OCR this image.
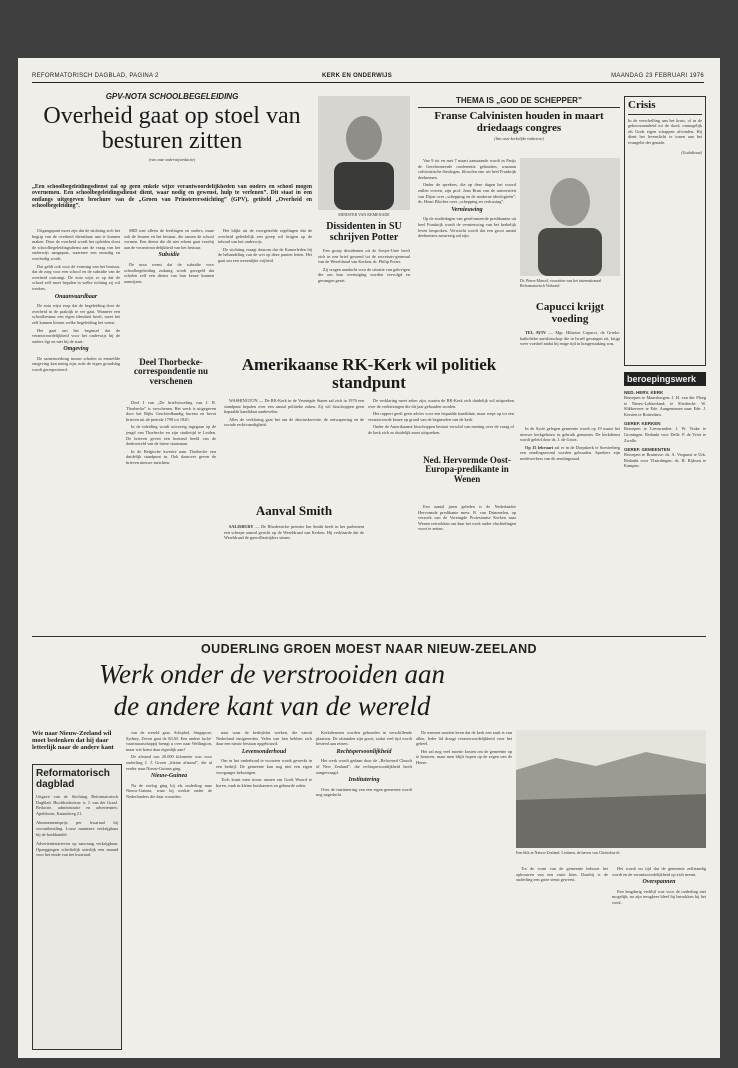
REFORMATORISCH DAGBLAD, PAGINA 2	KERK EN ONDERWIJS	MAANDAG 23 FEBRUARI 1976
GPV-NOTA SCHOOLBEGELEIDING
Overheid gaat op stoel van besturen zitten
(van onze onderwijsredactie)
„Een schoolbegeleidingsdienst zal op geen enkele wijze verantwoordelijkheden van ouders en school mogen overnemen. Een schoolbegeleidingsdienst dient, waar nodig en gewenst, hulp te verlenen”. Dit staat in een ontlangs uitgegeven brochure van de „Groen van Prinsterersstichting” (GPV), getiteld „Overheid en schoolbegeleiding”.

Uitgangspunt moet zijn dat de stichting zich het begrip van de overheid dienstbaar aan te kunnen maken. Door de overheid wordt het opleiden dorst de schoolbegeleidingsdienst aan de vraag van het onderwijs aangepast, waarmee een onnodig en overbodig wordt.

Dat geldt ook voor de vorming van het bestuur, dat de zorg voor een school en de subsidie van de overheid ontvangt. De nota wijst er op dat de school zelf moet bepalen in welke richting zij wil werken.

Onaanvaardbaar

De nota wijst erop dat de begeleiding door de overheid in de praktijk te ver gaat. Wanneer een schoolbestuur een eigen identiteit heeft, moet het zelf kunnen kiezen welke begeleiding het wenst.

Het gaat om het beginsel dat de verantwoordelijkheid voor het onderwijs bij de ouders ligt en niet bij de staat.

Omgeving

De samenwerking tussen scholen in eenzelfde omgeving kan nuttig zijn, mits de eigen grondslag wordt gerespecteerd.

SBD niet alleen de leerlingen en ouders, maar ook de leraren en het bestuur, die samen de school vormen. Een dienst die dit niet erkent gaat voorbij aan de verantwoordelijkheid van het bestuur.

Subsidie

De nota wenst dat de subsidie voor schoolbegeleiding zodanig wordt geregeld dat scholen zelf een dienst van hun keuze kunnen aanwijzen.

Het blijkt uit de voorgestelde regelingen dat de overheid geleidelijk een greep wil krijgen op de inhoud van het onderwijs.

De stichting vraagt daarom dat de Kamerleden bij de behandeling van de wet op deze punten letten. Het gaat om een wezenlijke vrijheid.

MINISTER VAN KEMENADE
Dissidenten in SU schrijven Potter

Een groep dissidenten uit de Sovjet-Unie heeft zich in een brief gewend tot de secretaris-generaal van de Wereldraad van Kerken, dr. Philip Potter.

Zij vragen aandacht voor de situatie van gelovigen die om hun overtuiging worden vervolgd en gevangen gezet.

THEMA IS „GOD DE SCHEPPER”
Franse Calvinisten houden in maart driedaags congres
(Van onze kerkelijke redacteur)

Van 9 tot en met 7 maart aanstaande wordt in Parijs de Gereformeerde conferentie gehouden, waaraan calvinistische theologen, filosofen enz. uit heel Frankrijk deelnemen.

Onder de sprekers, die op deze dagen het woord zullen voeren, zijn prof. Jean Brun van de universiteit van Dijon over „schepping en de moderne ideologieën”, ds. Henri Blocher over „schepping en verlossing”.

Vernieuwing

Op de studiedagen van gereformeerde predikanten uit heel Frankrijk wordt de vernieuwing van het kerkelijk leven besproken. Verwacht wordt dat een groot aantal deelnemers aanwezig zal zijn.

Dr. Pierre Marcel, voorzitter van het internationaal Reformatorisch Verbond
Crisis
In de verschelling aan het kruis, of in de gehoorzaamheid tot de dood, onmogelijk als Gods eigen schappen afvonden. Hij dient het levenslicht te tonen aan het evangelie der genade.
(Godsdienst)
Capucci krijgt voeding

TEL AVIV — Mgr. Hilarion Capucci, de Grieks-katholieke aartsbisschop die in Israël gevangen zit, krijgt weer voedsel nadat hij enige tijd in hongerstaking was.

Deel Thorbecke-correspondentie nu verschenen

Deel I van „De briefwisseling van J. R. Thorbecke” is verschenen. Het werk is uitgegeven door het Rijks Geschiedkundig bureau en bevat brieven uit de periode 1798 tot 1820.

In de inleiding wordt uitvoerig ingegaan op de jeugd van Thorbecke en zijn studietijd te Leiden. De brieven geven een boeiend beeld van de denkwereld van de latere staatsman.

In de Belgische kwestie nam Thorbecke een duidelijk standpunt in. Ook daarover geven de brieven nieuwe inzichten.

Amerikaanse RK-Kerk wil politiek standpunt

WASHINGTON — De RK-Kerk in de Verenigde Staten zal zich in 1976 een standpunt bepalen over een aantal politieke zaken. Zij wil bisschoppen geen bepaalde kandidaat aanbevelen.

Alles de verklaring gaat het om de abortuskwestie, de ontwapening en de sociale rechtvaardigheid.

De verklaring moet zeker zijn, waarin de RK-Kerk zich duidelijk wil uitspreken over de verkiezingen die dit jaar gehouden worden.

Het rapport geeft geen advies voor een bepaalde kandidaat, maar roept op tot een verantwoorde keuze op grond van de beginselen van de kerk.

Onder de Amerikaanse bisschoppen bestaat verschil van mening over de vraag of de kerk zich zo duidelijk moet uitspreken.

Aanval Smith

SALISBURY — De Rhodesische premier Ian Smith heeft in het parlement een scherpe aanval gericht op de Wereldraad van Kerken. Hij verklaarde dat de Wereldraad de guerrillastrijders steunt.

Ned. Hervormde Oost-Europa-predikante in Wenen

Een aantal jaren geleden is de Nederlandse Hervormde predikante mevr. R. van Drimmelen, op verzoek van de Verenigde Protestantse Kerken naar Wenen vertrokken om daar het werk onder vluchtelingen voort te zetten.

In de Syrië gelegen gemeente wordt op 19 maart het nieuwe kerkgebouw in gebruik genomen. De kerkdienst wordt geleid door ds. J. de Groot.

Op 15 februari zal er in de Dorpskerk te Soesterberg een zendingsavond worden gehouden. Sprekers zijn medewerkers van de zendingsraad.

beroepingswerk
NED. HERV. KERK
Beroepen te Maarsbergen: J. H. van der Ploeg te Nieuw-Lekkerland; te Sliedrecht: W. Slikkerveer te Ede. Aangenomen naar Ede: J. Kersten te Rotterdam.
GEREF. KERKEN
Beroepen te Leeuwarden: J. W. Vinke te Groningen. Bedankt voor Delft: P. de Vries te Zwolle.
GEREF. GEMEENTEN
Beroepen te Bruinisse: ds. A. Vergunst te Urk. Bedankt voor Vlaardingen: ds. H. Rijksen te Kampen.
OUDERLING GROEN MOEST NAAR NIEUW-ZEELAND
Werk onder de verstrooiden aan
de andere kant van de wereld
Wie naar Nieuw-Zeeland wil moet bedenken dat hij daar letterlijk naar de andere kant
Reformatorisch dagblad
Uitgave van de Stichting Reformatorisch Dagblad. Hoofdredacteur: ir. J. van der Graaf. Redactie, administratie en advertenties: Apeldoorn, Kanaalweg 21.
Abonnementsprijs per kwartaal bij vooruitbetaling. Losse nummers verkrijgbaar bij de boekhandel.
Advertentietarieven op aanvraag verkrijgbaar. Opzeggingen schriftelijk uiterlijk een maand voor het einde van het kwartaal.

van de wereld gaat. Schiphol, Singapore, Sydney, Zeven gaat de KLM. Een andere lucht-vaartmaatschappij brengt u over naar Wellington, maar wie komt daar eigenlijk aan?

De afstand van 20.000 kilometer was voor ouderling J. J. Groen „kleine afstand”, die al eerder naar Nieuw-Guinea ging.

Nieuw-Guinea

Na de oorlog ging hij als ouderling naar Nieuw-Guinea, waar hij werkte onder de Nederlanders die daar woonden.

naar waar de bedrijfslui werken, die vanuit Nederland emigreerden. Velen van hen hebben zich daar een nieuw bestaan opgebouwd.

Levensonderhoud

Om in het onderhoud te voorzien wordt gewerkt in een bedrijf. De gemeente kan nog niet een eigen voorganger bekostigen.

Toch komt men trouw samen om Gods Woord te horen, vaak in kleine huiskamers en gehuurde zalen.

Kerkdiensten worden gehouden in verschillende plaatsen. De afstanden zijn groot, zodat veel tijd wordt besteed aan reizen.

Rechtspersoonlijkheid

Het werk wordt gedaan door de „Reformed Church of New Zealand”, die rechtspersoonlijkheid heeft aangevraagd.

Institutering

Over de institutering van een eigen gemeente wordt nog nagedacht.

De mensen moeten leren dat de kerk een zaak is van allen. Ieder lid draagt verantwoordelijkheid voor het geheel.

Het zal nog veel moeite kosten om de gemeente op te bouwen, maar men blijft hopen op de zegen van de Heere.

Een blik in Nieuw-Zeeland. Lettinen, de haven van Christchurch

Tot de vorm van de gemeente behoort het opbouwen van een vaste kern. Daarbij is de ouderling een grote steun geweest.

Het wordt nu tijd dat de gemeente zelfstandig wordt en de verantwoordelijkheid op zich neemt.

Overspannen

Een langdurig verblijf was voor de ouderling niet mogelijk; na zijn terugkeer bleef hij betrokken bij het werk.
